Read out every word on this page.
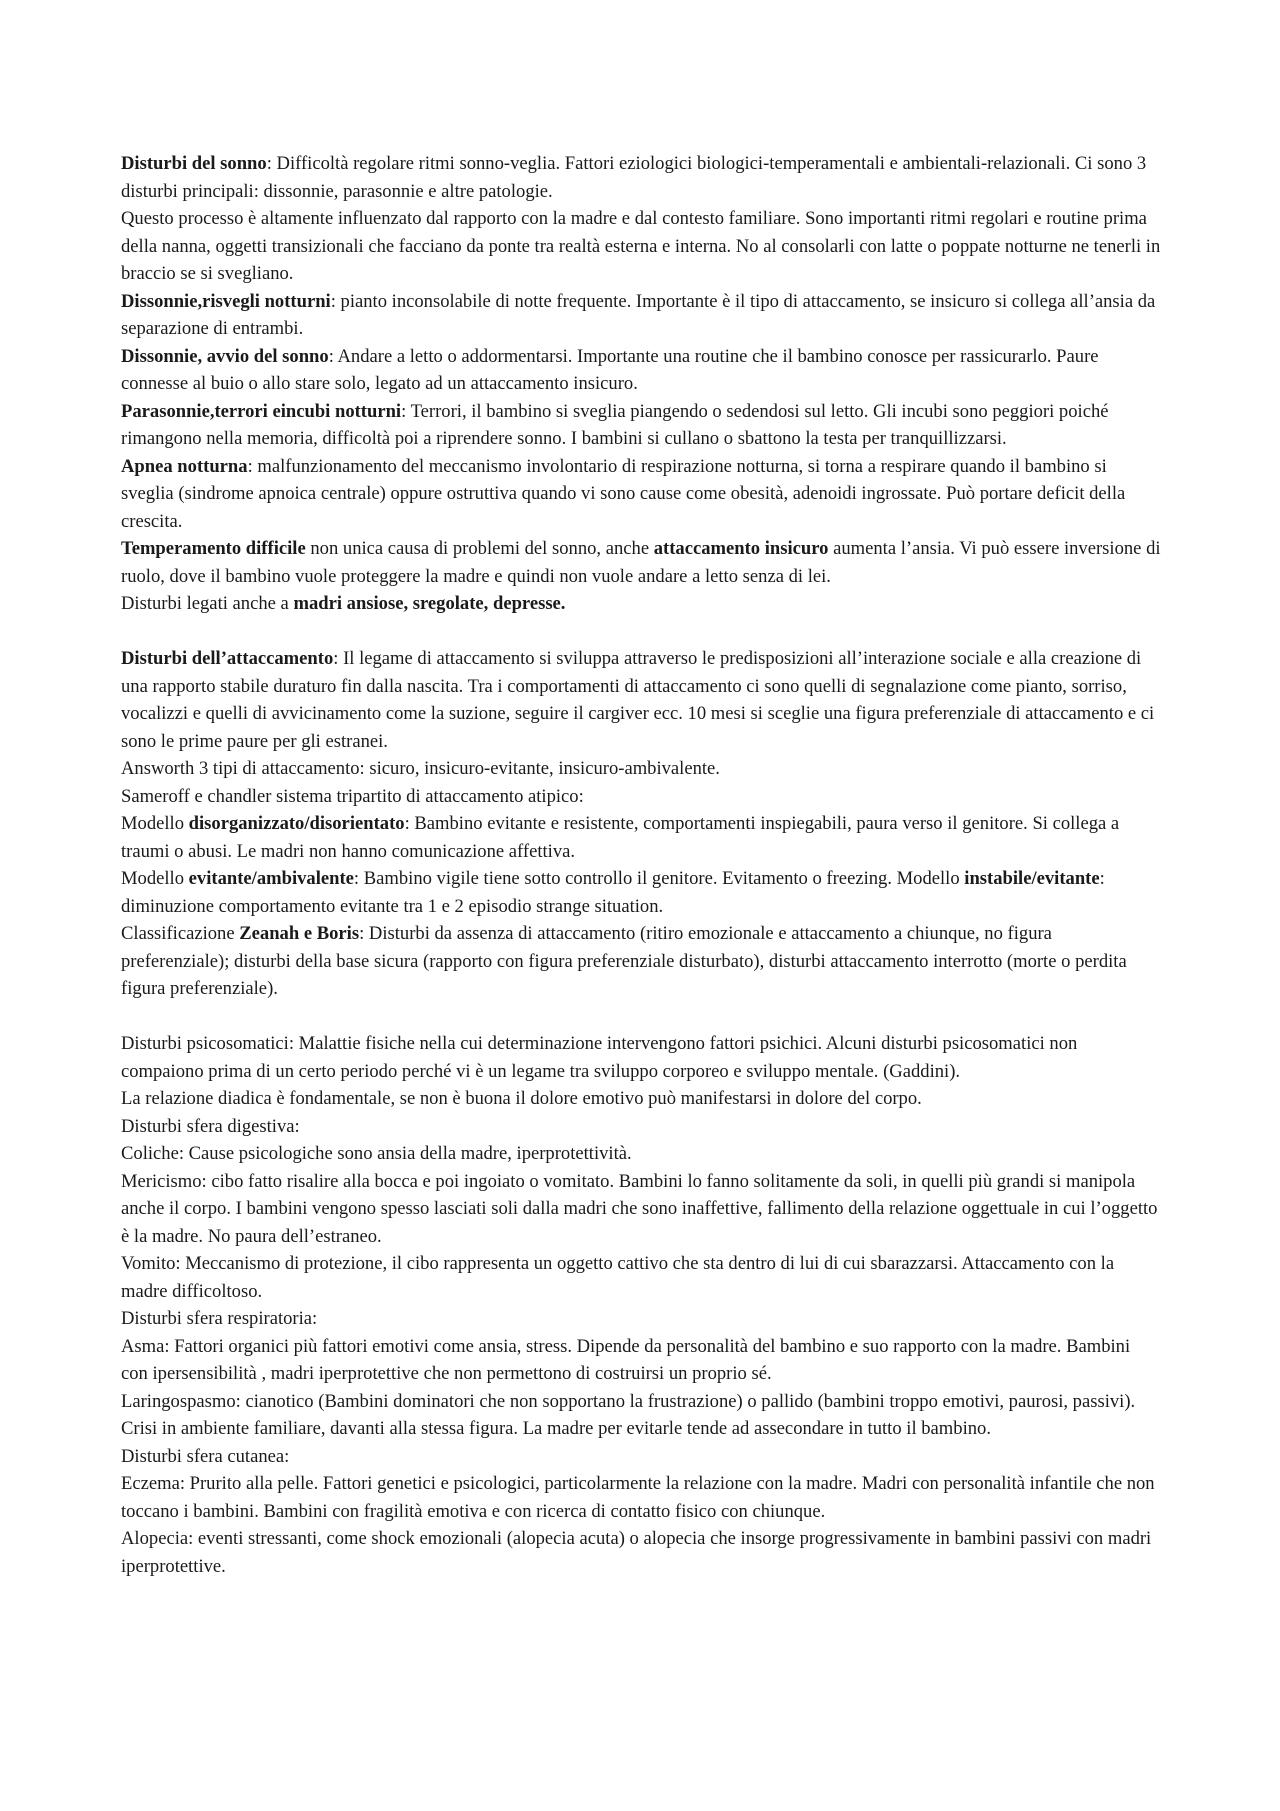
Disturbi del sonno: Difficoltà regolare ritmi sonno-veglia. Fattori eziologici biologici-temperamentali e ambientali-relazionali. Ci sono 3 disturbi principali: dissonnie, parasonnie e altre patologie.

Questo processo è altamente influenzato dal rapporto con la madre e dal contesto familiare. Sono importanti ritmi regolari e routine prima della nanna, oggetti transizionali che facciano da ponte tra realtà esterna e interna. No al consolarli con latte o poppate notturne ne tenerli in braccio se si svegliano.

Dissonnie,risvegli notturni: pianto inconsolabile di notte frequente. Importante è il tipo di attaccamento, se insicuro si collega all’ansia da separazione di entrambi.

Dissonnie, avvio del sonno: Andare a letto o addormentarsi. Importante una routine che il bambino conosce per rassicurarlo. Paure connesse al buio o allo stare solo, legato ad un attaccamento insicuro.

Parasonnie,terrori eincubi notturni: Terrori, il bambino si sveglia piangendo o sedendosi sul letto. Gli incubi sono peggiori poiché rimangono nella memoria, difficoltà poi a riprendere sonno. I bambini si cullano o sbattono la testa per tranquillizzarsi.

Apnea notturna: malfunzionamento del meccanismo involontario di respirazione notturna, si torna a respirare quando il bambino si sveglia (sindrome apnoica centrale) oppure ostruttiva quando vi sono cause come obesità, adenoidi ingrossate. Può portare deficit della crescita.

Temperamento difficile non unica causa di problemi del sonno, anche attaccamento insicuro aumenta l’ansia. Vi può essere inversione di ruolo, dove il bambino vuole proteggere la madre e quindi non vuole andare a letto senza di lei.

Disturbi legati anche a madri ansiose, sregolate, depresse.

Disturbi dell’attaccamento: Il legame di attaccamento si sviluppa attraverso le predisposizioni all’interazione sociale e alla creazione di una rapporto stabile duraturo fin dalla nascita. Tra i comportamenti di attaccamento ci sono quelli di segnalazione come pianto, sorriso, vocalizzi e quelli di avvicinamento come la suzione, seguire il cargiver ecc. 10 mesi si sceglie una figura preferenziale di attaccamento e ci sono le prime paure per gli estranei.

Answorth 3 tipi di attaccamento: sicuro, insicuro-evitante, insicuro-ambivalente.

Sameroff e chandler sistema tripartito di attaccamento atipico:

Modello disorganizzato/disorientato: Bambino evitante e resistente, comportamenti inspiegabili, paura verso il genitore. Si collega a traumi o abusi. Le madri non hanno comunicazione affettiva.

Modello evitante/ambivalente: Bambino vigile tiene sotto controllo il genitore. Evitamento o freezing. Modello instabile/evitante: diminuzione comportamento evitante tra 1 e 2 episodio strange situation.

Classificazione Zeanah e Boris: Disturbi da assenza di attaccamento (ritiro emozionale e attaccamento a chiunque, no figura preferenziale); disturbi della base sicura (rapporto con figura preferenziale disturbato), disturbi attaccamento interrotto (morte o perdita figura preferenziale).

Disturbi psicosomatici: Malattie fisiche nella cui determinazione intervengono fattori psichici. Alcuni disturbi psicosomatici non compaiono prima di un certo periodo perché vi è un legame tra sviluppo corporeo e sviluppo mentale. (Gaddini).

La relazione diadica è fondamentale, se non è buona il dolore emotivo può manifestarsi in dolore del corpo.

Disturbi sfera digestiva:

Coliche: Cause psicologiche sono ansia della madre, iperprotettività.

Mericismo: cibo fatto risalire alla bocca e poi ingoiato o vomitato. Bambini lo fanno solitamente da soli, in quelli più grandi si manipola anche il corpo. I bambini vengono spesso lasciati soli dalla madri che sono inaffettive, fallimento della relazione oggettuale in cui l’oggetto è la madre. No paura dell’estraneo.

Vomito: Meccanismo di protezione, il cibo rappresenta un oggetto cattivo che sta dentro di lui di cui sbarazzarsi. Attaccamento con la madre difficoltoso.

Disturbi sfera respiratoria:

Asma: Fattori organici più fattori emotivi come ansia, stress. Dipende da personalità del bambino e suo rapporto con la madre. Bambini con ipersensibilità , madri iperprotettive che non permettono di costruirsi un proprio sé.

Laringospasmo: cianotico (Bambini dominatori che non sopportano la frustrazione) o pallido (bambini troppo emotivi, paurosi, passivi). Crisi in ambiente familiare, davanti alla stessa figura. La madre per evitarle tende ad assecondare in tutto il bambino.

Disturbi sfera cutanea:

Eczema: Prurito alla pelle. Fattori genetici e psicologici, particolarmente la relazione con la madre. Madri con personalità infantile che non toccano i bambini. Bambini con fragilità emotiva e con ricerca di contatto fisico con chiunque.

Alopecia: eventi stressanti, come shock emozionali (alopecia acuta) o alopecia che insorge progressivamente in bambini passivi con madri iperprotettive.
